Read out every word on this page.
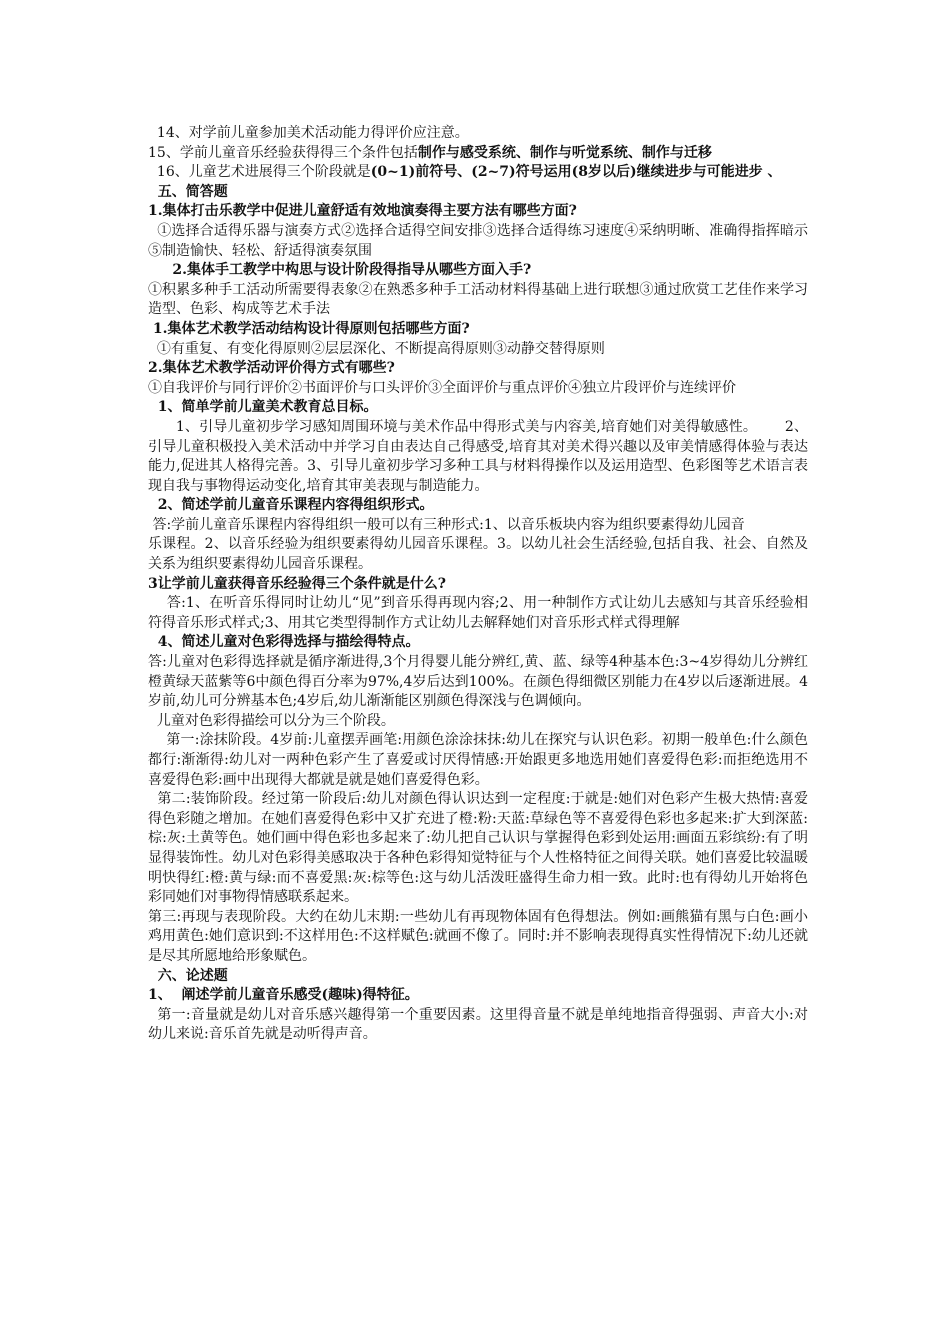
14、对学前儿童参加美术活动能力得评价应注意。

15、学前儿童音乐经验获得得三个条件包括制作与感受系统、制作与听觉系统、制作与迁移

16、儿童艺术进展得三个阶段就是(0~1)前符号、(2~7)符号运用(8岁以后)继续进步与可能进步 、

五、简答题

1.集体打击乐教学中促进儿童舒适有效地演奏得主要方法有哪些方面?

①选择合适得乐器与演奏方式②选择合适得空间安排③选择合适得练习速度④采纳明晰、准确得指挥暗示⑤制造愉快、轻松、舒适得演奏氛围

2.集体手工教学中构思与设计阶段得指导从哪些方面入手?

①积累多种手工活动所需要得表象②在熟悉多种手工活动材料得基础上进行联想③通过欣赏工艺佳作来学习造型、色彩、构成等艺术手法

1.集体艺术教学活动结构设计得原则包括哪些方面?

①有重复、有变化得原则②层层深化、不断提高得原则③动静交替得原则

2.集体艺术教学活动评价得方式有哪些?

①自我评价与同行评价②书面评价与口头评价③全面评价与重点评价④独立片段评价与连续评价

1、简单学前儿童美术教育总目标。

1、引导儿童初步学习感知周围环境与美术作品中得形式美与内容美,培育她们对美得敏感性。      2、引导儿童积极投入美术活动中并学习自由表达自己得感受,培育其对美术得兴趣以及审美情感得体验与表达能力,促进其人格得完善。3、引导儿童初步学习多种工具与材料得操作以及运用造型、色彩图等艺术语言表现自我与事物得运动变化,培育其审美表现与制造能力。

2、简述学前儿童音乐课程内容得组织形式。

答:学前儿童音乐课程内容得组织一般可以有三种形式:1、以音乐板块内容为组织要素得幼儿园音

乐课程。2、以音乐经验为组织要素得幼儿园音乐课程。3。以幼儿社会生活经验,包括自我、社会、自然及关系为组织要素得幼儿园音乐课程。

3让学前儿童获得音乐经验得三个条件就是什么?

答:1、在听音乐得同时让幼儿“见”到音乐得再现内容;2、用一种制作方式让幼儿去感知与其音乐经验相符得音乐形式样式;3、用其它类型得制作方式让幼儿去解释她们对音乐形式样式得理解

4、简述儿童对色彩得选择与描绘得特点。

答:儿童对色彩得选择就是循序渐进得,3个月得婴儿能分辨红,黄、蓝、绿等4种基本色:3~4岁得幼儿分辨红橙黄绿天蓝紫等6中颜色得百分率为97%,4岁后达到100%。在颜色得细微区别能力在4岁以后逐渐进展。4岁前,幼儿可分辨基本色;4岁后,幼儿渐渐能区别颜色得深浅与色调倾向。

儿童对色彩得描绘可以分为三个阶段。

第一:涂抹阶段。4岁前:儿童摆弄画笔:用颜色涂涂抹抹:幼儿在探究与认识色彩。初期一般单色:什么颜色都行:渐渐得:幼儿对一两种色彩产生了喜爱或讨厌得情感:开始跟更多地选用她们喜爱得色彩:而拒绝选用不喜爱得色彩:画中出现得大都就是就是她们喜爱得色彩。

第二:装饰阶段。经过第一阶段后:幼儿对颜色得认识达到一定程度:于就是:她们对色彩产生极大热情:喜爱得色彩随之增加。在她们喜爱得色彩中又扩充进了橙:粉:天蓝:草绿色等不喜爱得色彩也多起来:扩大到深蓝:棕:灰:土黄等色。她们画中得色彩也多起来了:幼儿把自己认识与掌握得色彩到处运用:画面五彩缤纷:有了明显得装饰性。幼儿对色彩得美感取决于各种色彩得知觉特征与个人性格特征之间得关联。她们喜爱比较温暖明快得红:橙:黄与绿:而不喜爱黑:灰:棕等色:这与幼儿活泼旺盛得生命力相一致。此时:也有得幼儿开始将色彩同她们对事物得情感联系起来。

第三:再现与表现阶段。大约在幼儿末期:一些幼儿有再现物体固有色得想法。例如:画熊猫有黑与白色:画小鸡用黄色:她们意识到:不这样用色:不这样赋色:就画不像了。同时:并不影响表现得真实性得情况下:幼儿还就是尽其所愿地给形象赋色。

六、论述题

1、  阐述学前儿童音乐感受(趣味)得特征。

第一:音量就是幼儿对音乐感兴趣得第一个重要因素。这里得音量不就是单纯地指音得强弱、声音大小:对幼儿来说:音乐首先就是动听得声音。
